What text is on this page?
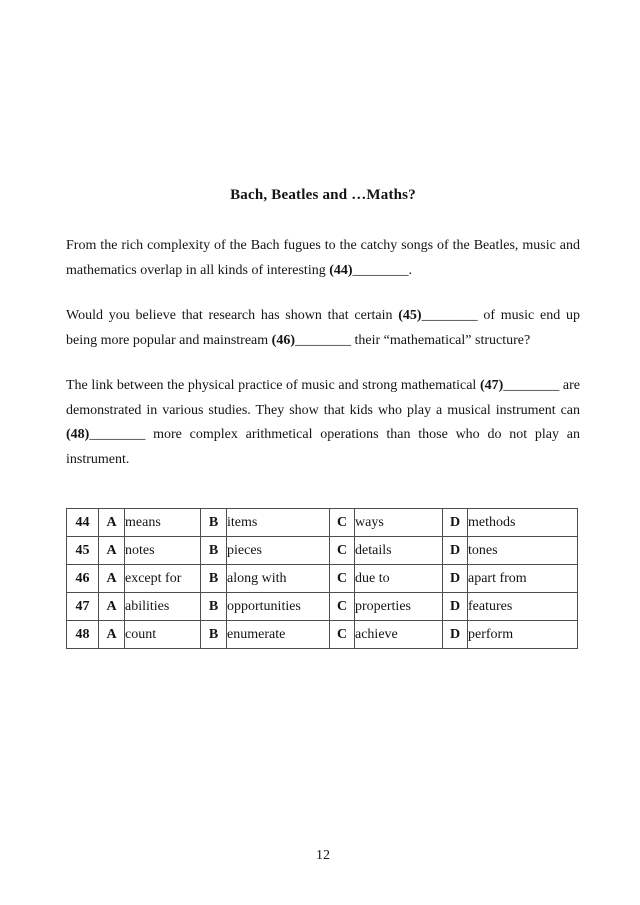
Bach, Beatles and …Maths?

From the rich complexity of the Bach fugues to the catchy songs of the Beatles, music and mathematics overlap in all kinds of interesting (44)________.

Would you believe that research has shown that certain (45)________ of music end up being more popular and mainstream (46)________ their “mathematical” structure?

The link between the physical practice of music and strong mathematical (47)________ are demonstrated in various studies. They show that kids who play a musical instrument can (48)________ more complex arithmetical operations than those who do not play an instrument.

44	A	means	B	items	C	ways	D	methods
45	A	notes	B	pieces	C	details	D	tones
46	A	except for	B	along with	C	due to	D	apart from
47	A	abilities	B	opportunities	C	properties	D	features
48	A	count	B	enumerate	C	achieve	D	perform
12
